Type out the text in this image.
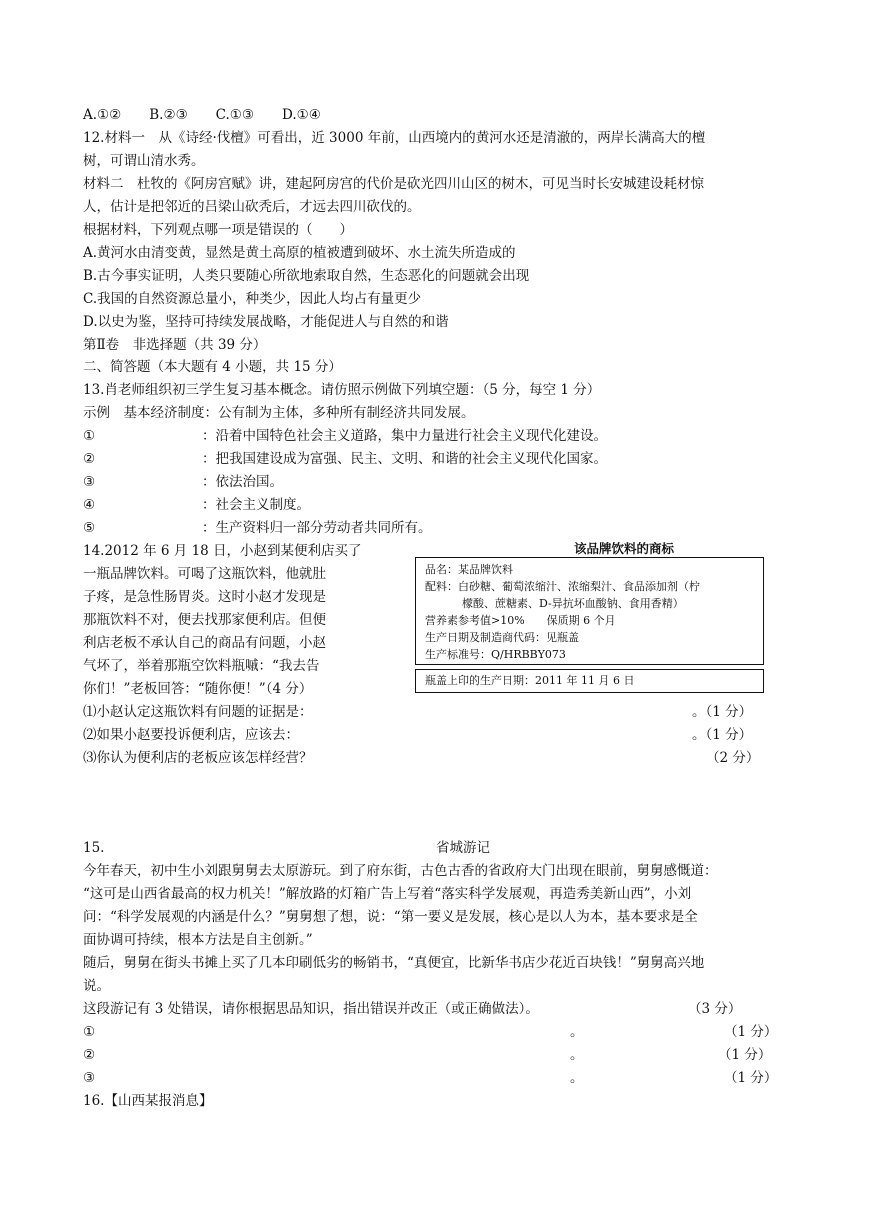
A.①② B.②③ C.①③ D.①④
12.材料一　从《诗经·伐檀》可看出，近 3000 年前，山西境内的黄河水还是清澈的，两岸长满高大的檀
树，可谓山清水秀。
材料二　杜牧的《阿房宫赋》讲，建起阿房宫的代价是砍光四川山区的树木，可见当时长安城建设耗材惊
人，估计是把邻近的吕梁山砍秃后，才远去四川砍伐的。
根据材料，下列观点哪一项是错误的（　　）
A.黄河水由清变黄，显然是黄土高原的植被遭到破坏、水土流失所造成的
B.古今事实证明，人类只要随心所欲地索取自然，生态恶化的问题就会出现
C.我国的自然资源总量小，种类少，因此人均占有量更少
D.以史为鉴，坚持可持续发展战略，才能促进人与自然的和谐
第Ⅱ卷　非选择题（共 39 分）
二、简答题（本大题有 4 小题，共 15 分）
13.肖老师组织初三学生复习基本概念。请仿照示例做下列填空题：（5 分，每空 1 分）
示例　基本经济制度：公有制为主体，多种所有制经济共同发展。
①	：沿着中国特色社会主义道路，集中力量进行社会主义现代化建设。
②	：把我国建设成为富强、民主、文明、和谐的社会主义现代化国家。
③	：依法治国。
④	：社会主义制度。
⑤	：生产资料归一部分劳动者共同所有。
14.2012 年 6 月 18 日，小赵到某便利店买了
一瓶品牌饮料。可喝了这瓶饮料，他就肚
子疼，是急性肠胃炎。这时小赵才发现是
那瓶饮料不对，便去找那家便利店。但便
利店老板不承认自己的商品有问题，小赵
气坏了，举着那瓶空饮料瓶嘁：“我去告
你们！”老板回答：“随你便！”（4 分）
该品牌饮料的商标
品名：某品牌饮料
配料：白砂糖、葡萄浓缩汁、浓缩梨汁、食品添加剂（柠
檬酸、蔗糖素、D-异抗坏血酸钠、食用香精）
营养素参考值>10%　　保质期 6 个月
生产日期及制造商代码：见瓶盖
生产标准号：Q/HRBBY073
瓶盖上印的生产日期：2011 年 11 月 6 日
⑴小赵认定这瓶饮料有问题的证据是：	。（1 分）
⑵如果小赵要投诉便利店，应该去：	。（1 分）
⑶你认为便利店的老板应该怎样经营？	（2 分）
15.	省城游记
今年春天，初中生小刘跟舅舅去太原游玩。到了府东街，古色古香的省政府大门出现在眼前，舅舅感慨道：
“这可是山西省最高的权力机关！”解放路的灯箱广告上写着“落实科学发展观，再造秀美新山西”，小刘
问：“科学发展观的内涵是什么？”舅舅想了想，说：“第一要义是发展，核心是以人为本，基本要求是全
面协调可持续，根本方法是自主创新。”
随后，舅舅在街头书摊上买了几本印刷低劣的畅销书，“真便宜，比新华书店少花近百块钱！”舅舅高兴地
说。
这段游记有 3 处错误，请你根据思品知识，指出错误并改正（或正确做法）。	（3 分）
①	。	（1 分）
②	。	（1 分）
③	。	（1 分）
16.【山西某报消息】
